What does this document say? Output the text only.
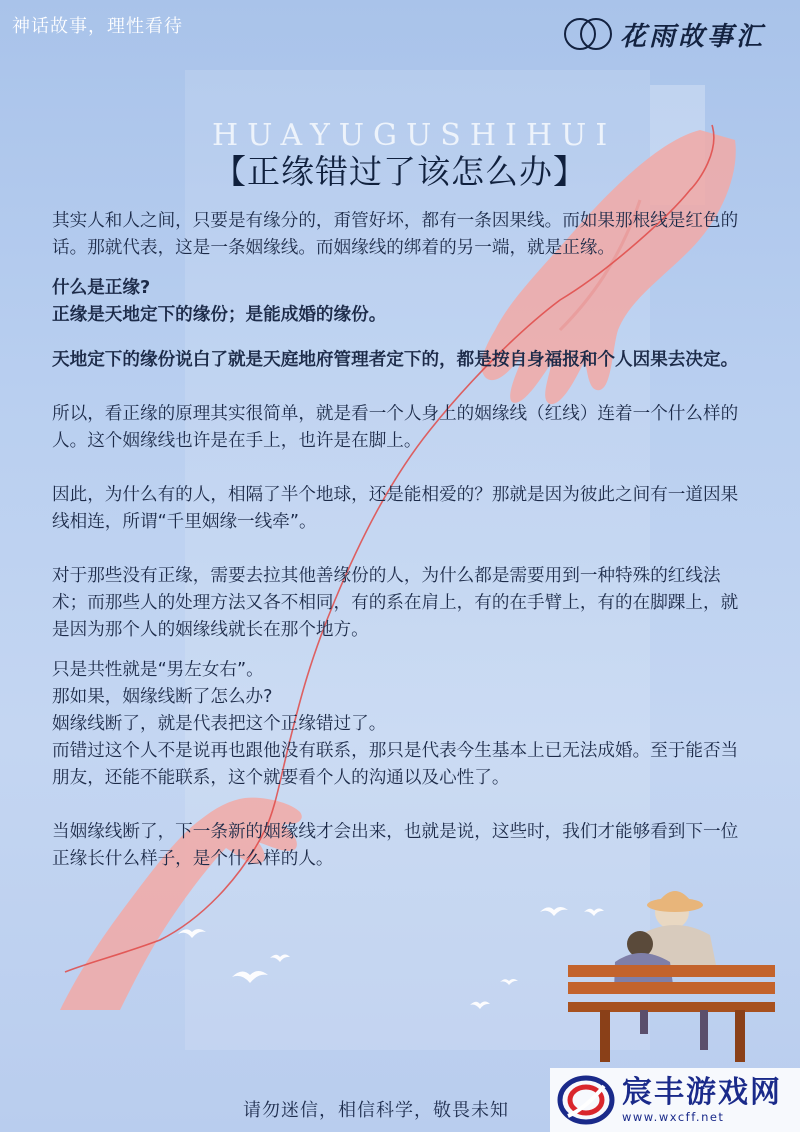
神话故事，理性看待	花雨故事汇
HUAYUGUSHIHUI
【正缘错过了该怎么办】

其实人和人之间，只要是有缘分的，甭管好坏，都有一条因果线。而如果那根线是红色的话。那就代表，这是一条姻缘线。而姻缘线的绑着的另一端，就是正缘。

什么是正缘?

正缘是天地定下的缘份；是能成婚的缘份。

天地定下的缘份说白了就是天庭地府管理者定下的，都是按自身福报和个人因果去决定。

所以，看正缘的原理其实很简单，就是看一个人身上的姻缘线（红线）连着一个什么样的人。这个姻缘线也许是在手上，也许是在脚上。

因此，为什么有的人，相隔了半个地球，还是能相爱的？那就是因为彼此之间有一道因果线相连，所谓“千里姻缘一线牵”。

对于那些没有正缘，需要去拉其他善缘份的人，为什么都是需要用到一种特殊的红线法术；而那些人的处理方法又各不相同，有的系在肩上，有的在手臂上，有的在脚踝上，就是因为那个人的姻缘线就长在那个地方。

只是共性就是“男左女右”。

那如果，姻缘线断了怎么办?

姻缘线断了，就是代表把这个正缘错过了。

而错过这个人不是说再也跟他没有联系，那只是代表今生基本上已无法成婚。至于能否当朋友，还能不能联系，这个就要看个人的沟通以及心性了。

当姻缘线断了，下一条新的姻缘线才会出来，也就是说，这些时，我们才能够看到下一位正缘长什么样子，是个什么样的人。

请勿迷信，相信科学，敬畏未知
宸丰游戏网
www.wxcff.net
